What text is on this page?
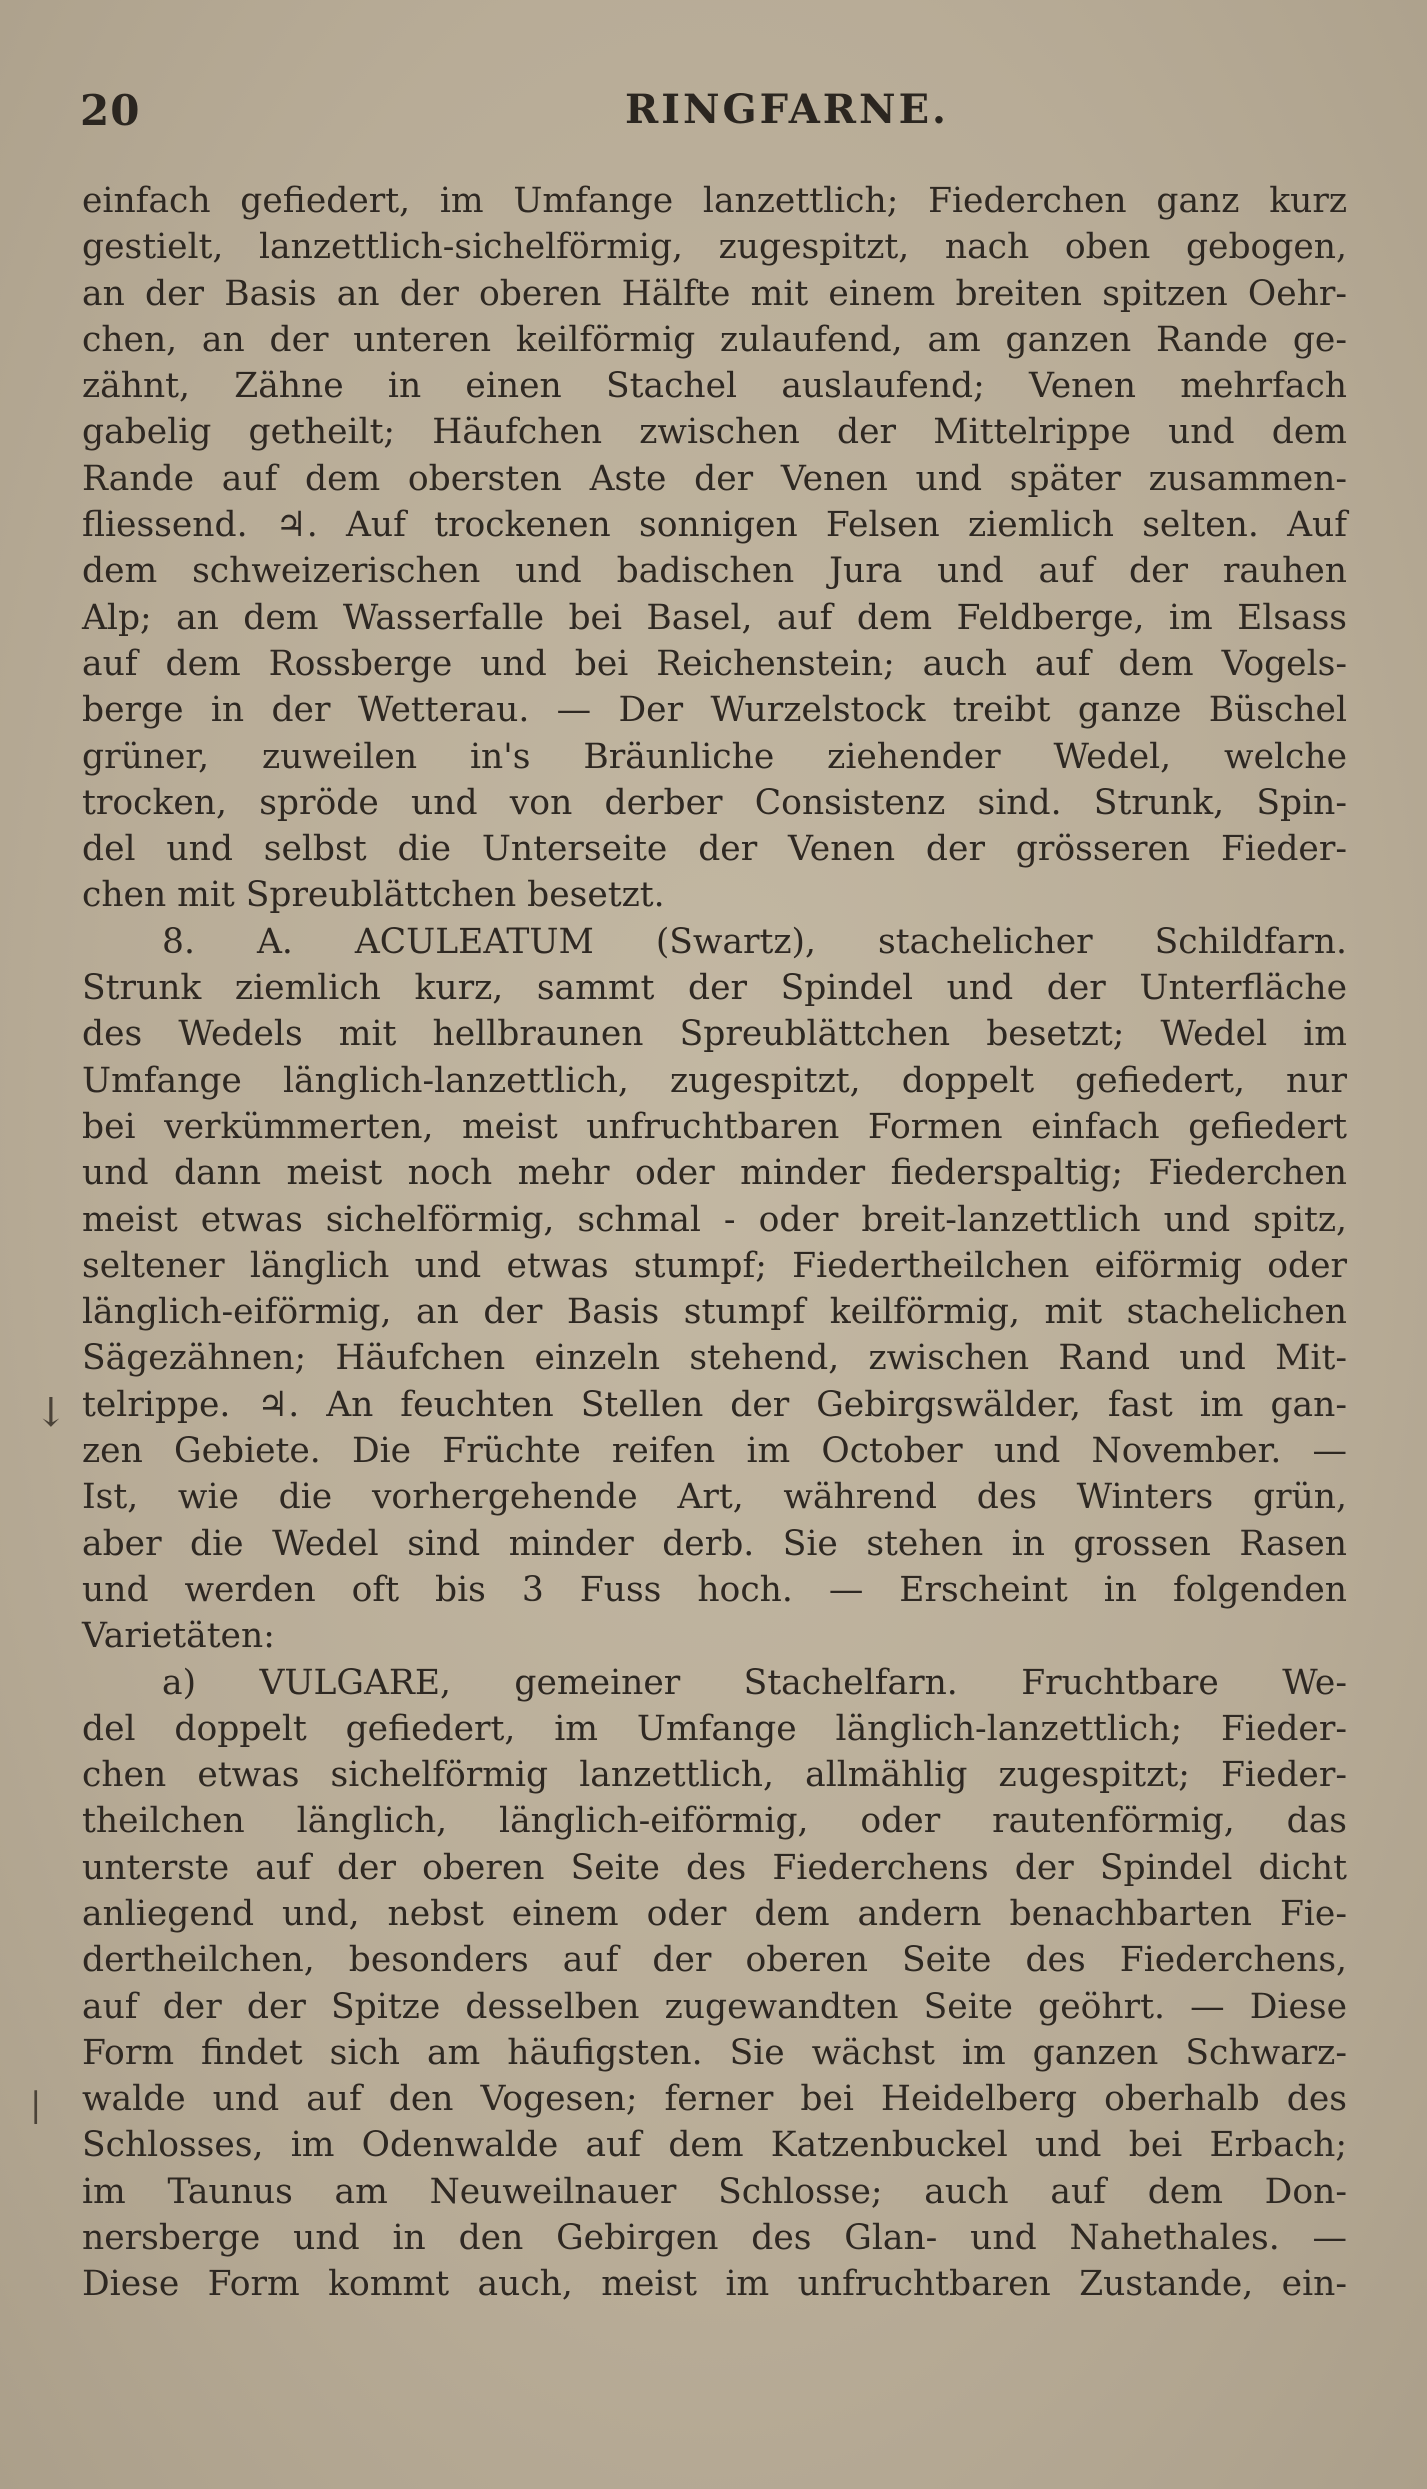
20	RINGFARNE.
einfach gefiedert, im Umfange lanzettlich; Fiederchen ganz kurz
gestielt, lanzettlich-sichelförmig, zugespitzt, nach oben gebogen,
an der Basis an der oberen Hälfte mit einem breiten spitzen Oehr-
chen, an der unteren keilförmig zulaufend, am ganzen Rande ge-
zähnt, Zähne in einen Stachel auslaufend; Venen mehrfach
gabelig getheilt; Häufchen zwischen der Mittelrippe und dem
Rande auf dem obersten Aste der Venen und später zusammen-
fliessend. ♃. Auf trockenen sonnigen Felsen ziemlich selten. Auf
dem schweizerischen und badischen Jura und auf der rauhen
Alp; an dem Wasserfalle bei Basel, auf dem Feldberge, im Elsass
auf dem Rossberge und bei Reichenstein; auch auf dem Vogels-
berge in der Wetterau. — Der Wurzelstock treibt ganze Büschel
grüner, zuweilen in's Bräunliche ziehender Wedel, welche
trocken, spröde und von derber Consistenz sind. Strunk, Spin-
del und selbst die Unterseite der Venen der grösseren Fieder-
chen mit Spreublättchen besetzt.
8. A. ACULEATUM (Swartz), stachelicher Schildfarn.
Strunk ziemlich kurz, sammt der Spindel und der Unterfläche
des Wedels mit hellbraunen Spreublättchen besetzt; Wedel im
Umfange länglich-lanzettlich, zugespitzt, doppelt gefiedert, nur
bei verkümmerten, meist unfruchtbaren Formen einfach gefiedert
und dann meist noch mehr oder minder fiederspaltig; Fiederchen
meist etwas sichelförmig, schmal - oder breit-lanzettlich und spitz,
seltener länglich und etwas stumpf; Fiedertheilchen eiförmig oder
länglich-eiförmig, an der Basis stumpf keilförmig, mit stachelichen
Sägezähnen; Häufchen einzeln stehend, zwischen Rand und Mit-
telrippe. ♃. An feuchten Stellen der Gebirgswälder, fast im gan-
zen Gebiete. Die Früchte reifen im October und November. —
Ist, wie die vorhergehende Art, während des Winters grün,
aber die Wedel sind minder derb. Sie stehen in grossen Rasen
und werden oft bis 3 Fuss hoch. — Erscheint in folgenden
Varietäten:
a) VULGARE, gemeiner Stachelfarn. Fruchtbare We-
del doppelt gefiedert, im Umfange länglich-lanzettlich; Fieder-
chen etwas sichelförmig lanzettlich, allmählig zugespitzt; Fieder-
theilchen länglich, länglich-eiförmig, oder rautenförmig, das
unterste auf der oberen Seite des Fiederchens der Spindel dicht
anliegend und, nebst einem oder dem andern benachbarten Fie-
dertheilchen, besonders auf der oberen Seite des Fiederchens,
auf der der Spitze desselben zugewandten Seite geöhrt. — Diese
Form findet sich am häufigsten. Sie wächst im ganzen Schwarz-
walde und auf den Vogesen; ferner bei Heidelberg oberhalb des
Schlosses, im Odenwalde auf dem Katzenbuckel und bei Erbach;
im Taunus am Neuweilnauer Schlosse; auch auf dem Don-
nersberge und in den Gebirgen des Glan- und Nahethales. —
Diese Form kommt auch, meist im unfruchtbaren Zustande, ein-
↓
|
